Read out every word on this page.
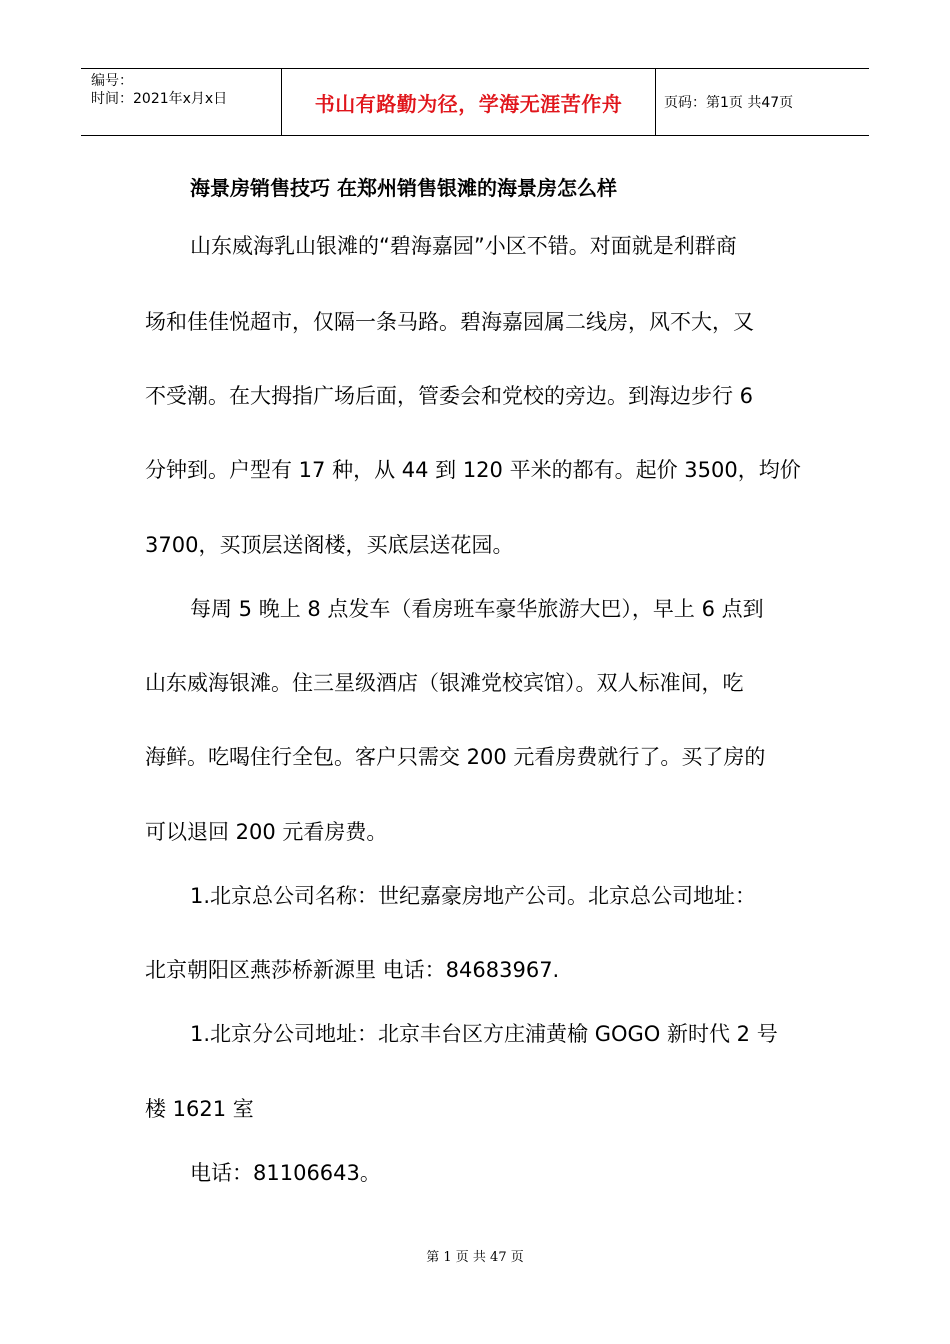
编号：
时间：2021年x月x日	书山有路勤为径，学海无涯苦作舟	页码：第1页 共47页
海景房销售技巧 在郑州销售银滩的海景房怎么样
山东威海乳山银滩的“碧海嘉园”小区不错。对面就是利群商
场和佳佳悦超市，仅隔一条马路。碧海嘉园属二线房，风不大，又
不受潮。在大拇指广场后面，管委会和党校的旁边。到海边步行 6
分钟到。户型有 17 种，从 44 到 120 平米的都有。起价 3500，均价
3700，买顶层送阁楼，买底层送花园。
每周 5 晚上 8 点发车（看房班车豪华旅游大巴），早上 6 点到
山东威海银滩。住三星级酒店（银滩党校宾馆）。双人标准间，吃
海鲜。吃喝住行全包。客户只需交 200 元看房费就行了。买了房的
可以退回 200 元看房费。
1.北京总公司名称：世纪嘉豪房地产公司。北京总公司地址：
北京朝阳区燕莎桥新源里 电话：84683967.
1.北京分公司地址：北京丰台区方庄浦黄榆 GOGO 新时代 2 号
楼 1621 室
电话：81106643。
第 1 页 共 47 页
